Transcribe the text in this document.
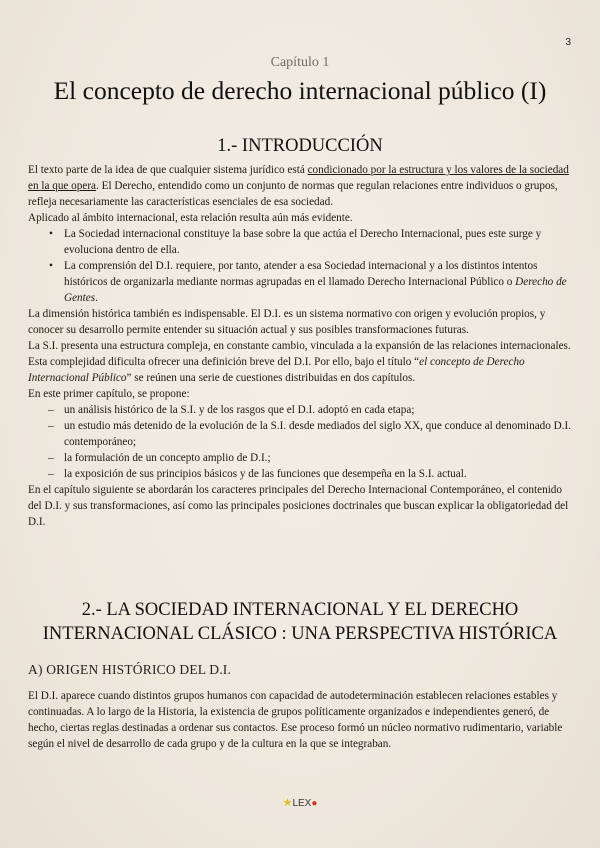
3
Capítulo 1
El concepto de derecho internacional público (I)
1.- INTRODUCCIÓN

El texto parte de la idea de que cualquier sistema jurídico está condicionado por la estructura y los valores de la sociedad en la que opera. El Derecho, entendido como un conjunto de normas que regulan relaciones entre individuos o grupos, refleja necesariamente las características esenciales de esa sociedad.

Aplicado al ámbito internacional, esta relación resulta aún más evidente.

• La Sociedad internacional constituye la base sobre la que actúa el Derecho Internacional, pues este surge y evoluciona dentro de ella.
• La comprensión del D.I. requiere, por tanto, atender a esa Sociedad internacional y a los distintos intentos históricos de organizarla mediante normas agrupadas en el llamado Derecho Internacional Público o Derecho de Gentes.

La dimensión histórica también es indispensable. El D.I. es un sistema normativo con origen y evolución propios, y conocer su desarrollo permite entender su situación actual y sus posibles transformaciones futuras.

La S.I. presenta una estructura compleja, en constante cambio, vinculada a la expansión de las relaciones internacionales. Esta complejidad dificulta ofrecer una definición breve del D.I. Por ello, bajo el título “el concepto de Derecho Internacional Público” se reúnen una serie de cuestiones distribuidas en dos capítulos.

En este primer capítulo, se propone:

– un análisis histórico de la S.I. y de los rasgos que el D.I. adoptó en cada etapa;
– un estudio más detenido de la evolución de la S.I. desde mediados del siglo XX, que conduce al denominado D.I. contemporáneo;
– la formulación de un concepto amplio de D.I.;
– la exposición de sus principios básicos y de las funciones que desempeña en la S.I. actual.

En el capítulo siguiente se abordarán los caracteres principales del Derecho Internacional Contemporáneo, el contenido del D.I. y sus transformaciones, así como las principales posiciones doctrinales que buscan explicar la obligatoriedad del D.I.

2.- LA SOCIEDAD INTERNACIONAL Y EL DERECHO
INTERNACIONAL CLÁSICO : UNA PERSPECTIVA HISTÓRICA
A) ORIGEN HISTÓRICO DEL D.I.

El D.I. aparece cuando distintos grupos humanos con capacidad de autodeterminación establecen relaciones estables y continuadas. A lo largo de la Historia, la existencia de grupos políticamente organizados e independientes generó, de hecho, ciertas reglas destinadas a ordenar sus contactos. Ese proceso formó un núcleo normativo rudimentario, variable según el nivel de desarrollo de cada grupo y de la cultura en la que se integraban.

★LEX●
